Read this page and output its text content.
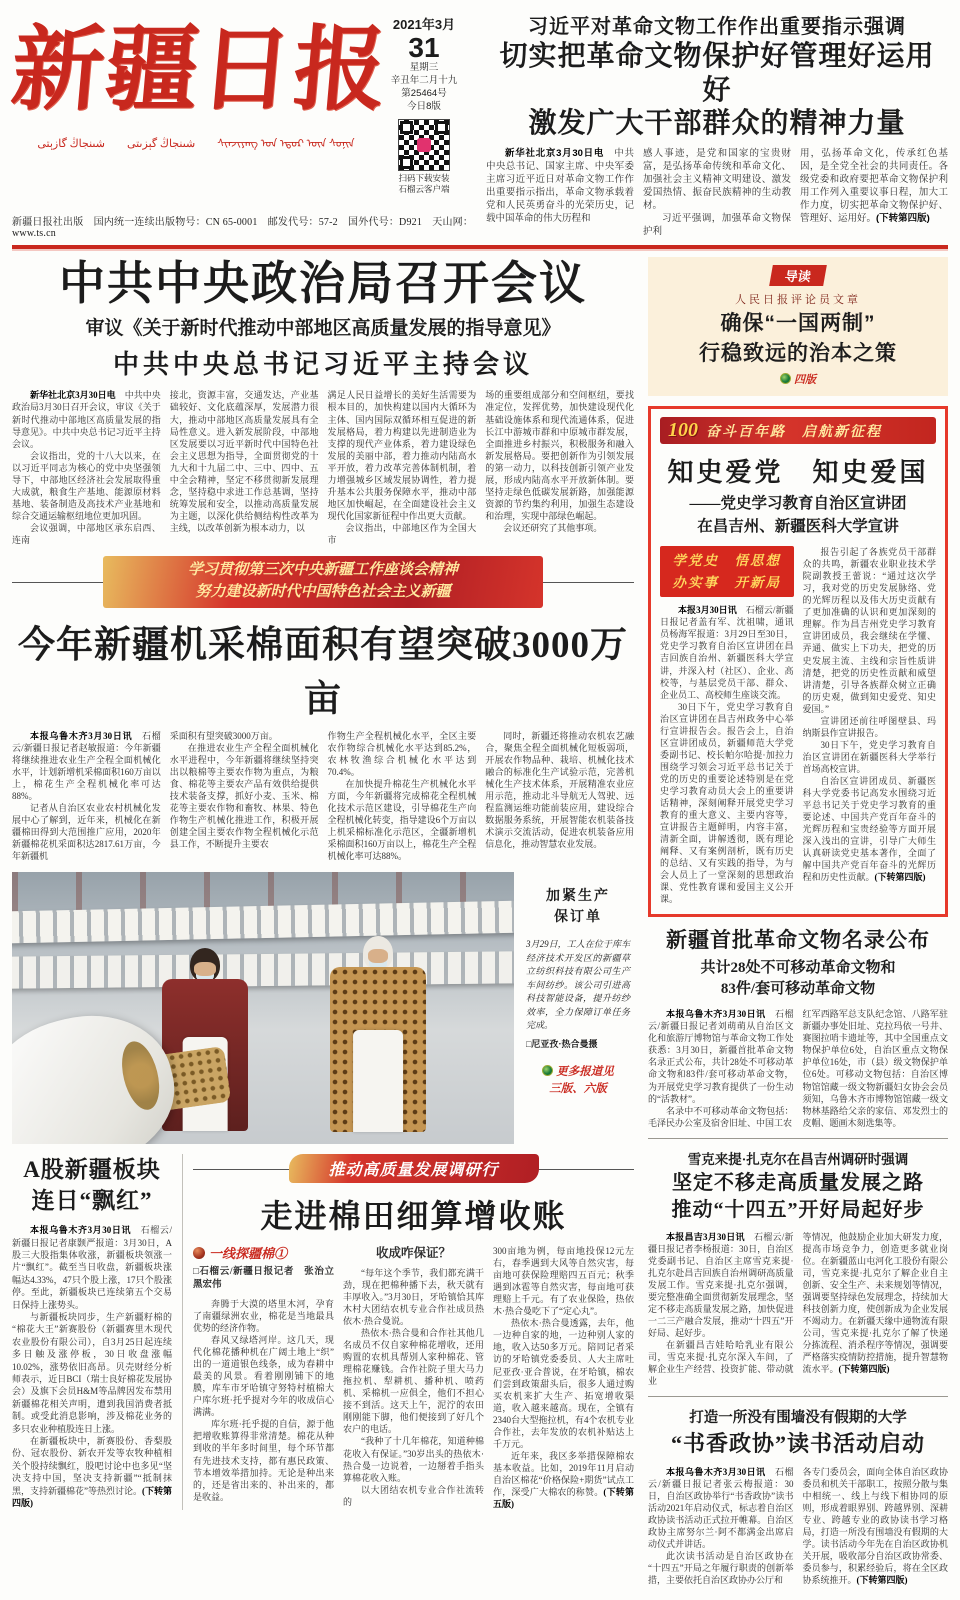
新疆日报
شىنجاڭ گېزىتى　　شىنجاڭ گازېتى　　ᠰᠢᠨᠵᠢᠶᠠᠩ ᠤᠨ ᠡᠳᠦᠷ ᠦᠨ ᠰᠣᠨᠢᠨ
2021年3月
31
星期三
辛丑年二月十九
第25464号
今日8版
扫码下载安装
石榴云客户端
新疆日报社出版　国内统一连续出版物号：CN 65-0001　邮发代号：57-2　国外代号：D921　天山网：www.ts.cn
习近平对革命文物工作作出重要指示强调
切实把革命文物保护好管理好运用好
激发广大干部群众的精神力量

新华社北京3月30日电　中共中央总书记、国家主席、中央军委主席习近平近日对革命文物工作作出重要指示指出，革命文物承载着党和人民英勇奋斗的光荣历史，记载中国革命的伟大历程和

感人事迹，是党和国家的宝贵财富，是弘扬革命传统和革命文化、加强社会主义精神文明建设、激发爱国热情、振奋民族精神的生动教材。

习近平强调，加强革命文物保护利

用，弘扬革命文化，传承红色基因，是全党全社会的共同责任。各级党委和政府要把革命文物保护利用工作列入重要议事日程，加大工作力度，切实把革命文物保护好、管理好、运用好。(下转第四版)

中共中央政治局召开会议
审议《关于新时代推动中部地区高质量发展的指导意见》
中共中央总书记习近平主持会议

新华社北京3月30日电　中共中央政治局3月30日召开会议，审议《关于新时代推动中部地区高质量发展的指导意见》。中共中央总书记习近平主持会议。

会议指出，党的十八大以来，在以习近平同志为核心的党中央坚强领导下，中部地区经济社会发展取得重大成就，粮食生产基地、能源原材料基地、装备制造及高技术产业基地和综合交通运输枢纽地位更加巩固。

会议强调，中部地区承东启西、连南

接北，资源丰富，交通发达，产业基础较好、文化底蕴深厚，发展潜力很大，推动中部地区高质量发展具有全局性意义。进入新发展阶段，中部地区发展要以习近平新时代中国特色社会主义思想为指导，全面贯彻党的十九大和十九届二中、三中、四中、五中全会精神，坚定不移贯彻新发展理念，坚持稳中求进工作总基调，坚持统筹发展和安全，以推动高质量发展为主题，以深化供给侧结构性改革为主线，以改革创新为根本动力，以

满足人民日益增长的美好生活需要为根本目的，加快构建以国内大循环为主体、国内国际双循环相互促进的新发展格局，着力构建以先进制造业为支撑的现代产业体系，着力建设绿色发展的美丽中部，着力推动内陆高水平开放，着力改革完善体制机制，着力增强城乡区域发展协调性，着力提升基本公共服务保障水平，推动中部地区加快崛起，在全面建设社会主义现代化国家新征程中作出更大贡献。

会议指出，中部地区作为全国大市

场的重要组成部分和空间枢纽，要找准定位，发挥优势，加快建设现代化基础设施体系和现代流通体系，促进长江中游城市群和中原城市群发展，全面推进乡村振兴，积极服务和融入新发展格局。要把创新作为引领发展的第一动力，以科技创新引领产业发展，形成内陆高水平开放新体制。要坚持走绿色低碳发展新路，加强能源资源的节约集约利用，加强生态建设和治理，实现中部绿色崛起。

会议还研究了其他事项。

学习贯彻第三次中央新疆工作座谈会精神
努力建设新时代中国特色社会主义新疆
今年新疆机采棉面积有望突破3000万亩

本报乌鲁木齐3月30日讯　石榴云/新疆日报记者赵敏报道：今年新疆将继续推进农业生产全程全面机械化水平，计划新增机采棉面积160万亩以上，棉花生产全程机械化率可达88%。

记者从自治区农业农村机械化发展中心了解到，近年来，机械化在新疆棉田得到大范围推广应用，2020年新疆棉花机采面积达2817.61万亩，今年新疆机

采面积有望突破3000万亩。

在推进农业生产全程全面机械化水平进程中，今年新疆将继续坚持突出以粮棉等主要农作物为重点，为粮食、棉花等主要农产品有效供给提供技术装备支撑，抓好小麦、玉米、棉花等主要农作物和畜牧、林果、特色作物生产机械化推进工作，积极开展创建全国主要农作物全程机械化示范县工作，不断提升主要农

作物生产全程机械化水平，全区主要农作物综合机械化水平达到85.2%，农林牧渔综合机械化水平达到70.4%。

在加快提升棉花生产机械化水平方面，今年新疆将完成棉花全程机械化技术示范区建设，引导棉花生产向全程机械化转变，指导建设6个万亩以上机采棉标准化示范区，全疆新增机采棉面积160万亩以上，棉花生产全程机械化率可达88%。

同时，新疆还将推动农机农艺融合，聚焦全程全面机械化短板弱项，开展农作物品种、栽培、机械化技术融合的标准化生产试验示范，完善机械化生产技术体系，开展精准农业应用示范，推动北斗导航无人驾驶、远程监测运维功能前装应用，建设综合数据服务系统，开展智能农机装备技术演示交流活动，促进农机装备应用信息化，推动智慧农业发展。

加紧生产
保订单
3月29日，工人在位于库车经济技术开发区的新疆草立纺织科技有限公司生产车间纺纱。该公司引进高科技智能设备，提升纺纱效率，全力保障订单任务完成。
□尼亚孜·热合曼摄
更多报道见
三版、六版
A股新疆板块
连日“飘红”

本报乌鲁木齐3月30日讯　石榴云/新疆日报记者康颢严报道：3月30日，A股三大股指集体收涨，新疆板块领涨一片“飘红”。截至当日收盘，新疆板块涨幅达4.33%，47只个股上涨，17只个股涨停。至此，新疆板块已连续第五个交易日保持上涨势头。

与新疆板块同步，生产新疆籽棉的“棉花大王”新赛股份（新疆赛里木现代农业股份有限公司），自3月25日起连续多日触及涨停板，30日收盘涨幅10.02%，涨势依旧高昂。贝壳财经分析师表示，近日BCI（瑞士良好棉花发展协会）及旗下会员H&M等品牌因发布禁用新疆棉花相关声明，遭到我国消费者抵制。或受此消息影响，涉及棉花业务的多只农业种植股连日上涨。

在新疆板块中，新赛股份、香梨股份、冠农股份、新农开发等农牧种植相关个股持续飘红，股吧讨论中也多见“坚决支持中国，坚决支持新疆”“抵制抹黑，支持新疆棉花”等热烈讨论。(下转第四版)

推动高质量发展调研行
走进棉田细算增收账
一线探疆棉①
□石榴云/新疆日报记者　张治立　黑宏伟

奔腾于大漠的塔里木河，孕育了南疆绿洲农业，棉花是当地最具优势的经济作物。

春风又绿塔河岸。这几天，现代化棉花播种机在广阔土地上“织”出的一道道银色线条，成为春耕中最美的风景。看着刚刚铺下的地膜，库车市牙哈镇守努特村植棉大户库尔班·托乎提对今年的收成信心满满。

库尔班·托乎提的自信，源于他把增收账算得非常清楚。棉花从种到收的半年多时间里，每个环节都有先进技术支持，都有惠民政策、节本增效举措加持。无论是种出来的，还是省出来的、补出来的，都是收益。

收成咋保证？

“每年这个季节，我们都充满干劲，现在把棉种播下去，秋天就有丰厚收入。”3月30日，牙哈镇恰其库木村大团结农机专业合作社成员热依木·热合曼说。

热依木·热合曼和合作社其他几名成员不仅自家种棉花增收，还用购置的农机具帮别人家种棉花、管理棉花赚钱。合作社院子里大马力拖拉机、犁耕机、播种机、喷药机、采棉机一应俱全，他们不担心接不到活。这天上午，泥泞的农田刚刚能下脚，他们便接到了好几个农户的电话。

“我种了十几年棉花，知道种棉花收入有保证。”30岁出头的热依木·热合曼一边说着，一边掰着手指头算棉花收入账。

以大团结农机专业合作社流转的

300亩地为例，每亩地投保12元左右，春季遇到大风等自然灾害，每亩地可获保险理赔四五百元；秋季遇到冰雹等自然灾害，每亩地可获理赔上千元。有了农业保险，热依木·热合曼吃下了“定心丸”。

热依木·热合曼透露，去年，他一边种自家的地，一边种别人家的地，收入达50多万元。陪同记者采访的牙哈镇党委委员、人大主席吐尼亚孜·亚合普说，在牙哈镇，棉农们尝到政策甜头后，很多人通过购买农机来扩大生产、拓宽增收渠道，收入越来越高。现在，全镇有2340台大型拖拉机，有4个农机专业合作社，去年发放的农机补贴达上千万元。

近年来，我区多举措保障棉农基本收益。比如，2019年11月启动自治区棉花“价格保险+期货”试点工作，深受广大棉农的称赞。(下转第五版)

导读
人民日报评论员文章
确保“一国两制”
行稳致远的治本之策
四版
100 奋斗百年路　启航新征程
知史爱党　知史爱国
——党史学习教育自治区宣讲团
在昌吉州、新疆医科大学宣讲
学党史　悟思想
办实事　开新局

本报3月30日讯　石榴云/新疆日报记者盖有军、沈祖啸，通讯员杨海军报道：3月29日至30日，党史学习教育自治区宣讲团在昌吉回族自治州、新疆医科大学宣讲，并深入村（社区）、企业、高校等，与基层党员干部、群众、企业员工、高校师生座谈交流。

30日下午，党史学习教育自治区宣讲团在昌吉州政务中心举行宣讲报告会。报告会上，自治区宣讲团成员，新疆师范大学党委副书记、校长帕尔哈提·加拉力围绕学习领会习近平总书记关于党的历史的重要论述特别是在党史学习教育动员大会上的重要讲话精神，深刻阐释开展党史学习教育的重大意义、主要内容等，宣讲报告主题鲜明，内容丰富，清新全面，讲解透彻，既有理论阐释、又有案例剖析，既有历史的总结、又有实践的指导，为与会人员上了一堂深刻的思想政治课、党性教育课和爱国主义公开课。

报告引起了各族党员干部群众的共鸣，新疆农业职业技术学院副教授王蕾说：“通过这次学习，我对党的历史发展脉络、党的光辉历程以及伟大历史贡献有了更加准确的认识和更加深刻的理解。作为昌吉州党史学习教育宣讲团成员，我会继续在学懂、弄通、做实上下功夫，把党的历史发展主流、主线和宗旨性质讲清楚，把党的历史性贡献和威望讲清楚，引导各族群众树立正确的历史观，做到知史爱党、知史爱国。”

宣讲团还前往呼图壁县、玛纳斯县作宣讲报告。

30日下午，党史学习教育自治区宣讲团在新疆医科大学举行首场高校宣讲。

自治区宣讲团成员、新疆医科大学党委书记高发水围绕习近平总书记关于党史学习教育的重要论述、中国共产党百年奋斗的光辉历程和宝贵经验等方面开展深入浅出的宣讲，引导广大师生认真研读党史基本著作，全面了解中国共产党百年奋斗的光辉历程和历史性贡献。(下转第四版)

新疆首批革命文物名录公布
共计28处不可移动革命文物和
83件/套可移动革命文物

本报乌鲁木齐3月30日讯　石榴云/新疆日报记者刘萌萌从自治区文化和旅游厅博物馆与革命文物工作处获悉：3月30日，新疆首批革命文物名录正式公布，共计28处不可移动革命文物和83件/套可移动革命文物，为开展党史学习教育提供了一份生动的“活教材”。

名录中不可移动革命文物包括：毛泽民办公室及宿舍旧址、中国工农

红军西路军总支队纪念馆、八路军驻新疆办事处旧址、克拉玛依一号井、赛图拉哨卡遗址等，其中全国重点文物保护单位6处，自治区重点文物保护单位16处，市（县）级文物保护单位6处。可移动文物包括：自治区博物馆馆藏一级文物新疆妇女协会会员须知，乌鲁木齐市博物馆馆藏一级文物林基路给父亲的家信、邓发烈士的皮帽、题画木刻选集等。

雪克来提·扎克尔在昌吉州调研时强调
坚定不移走高质量发展之路
推动“十四五”开好局起好步

本报昌吉3月30日讯　石榴云/新疆日报记者李杨报道：30日，自治区党委副书记、自治区主席雪克来提·扎克尔赴昌吉回族自治州调研高质量发展工作。雪克来提·扎克尔强调，要完整准确全面贯彻新发展理念，坚定不移走高质量发展之路，加快促进一二三产融合发展，推动“十四五”开好局、起好步。

在新疆昌吉娃哈哈乳业有限公司，雪克来提·扎克尔深入车间，了解企业生产经营、投资扩能、带动就业

等情况，他鼓励企业加大研发力度，提高市场竞争力，创造更多就业岗位。在新疆蓝山屯河化工股份有限公司，雪克来提·扎克尔了解企业自主创新、安全生产、未来规划等情况，强调要坚持绿色发展理念，持续加大科技创新力度，使创新成为企业发展不竭动力。在新疆天缘中通物流有限公司，雪克来提·扎克尔了解了快递分拣流程、消杀程序等情况，强调要严格落实疫情防控措施，提升智慧物流水平。(下转第四版)

打造一所没有围墙没有假期的大学
“书香政协”读书活动启动

本报乌鲁木齐3月30日讯　石榴云/新疆日报记者张云梅报道：30日，自治区政协举行“书香政协”读书活动2021年启动仪式，标志着自治区政协读书活动正式拉开帷幕。自治区政协主席努尔兰·阿不都满金出席启动仪式并讲话。

此次读书活动是自治区政协在“十四五”开局之年履行职责的创新举措，主要依托自治区政协办公厅和

各专门委员会，面向全体自治区政协委员和机关干部职工，按照分散与集中相统一、线上与线下相协同的原则，形成着眼界别、跨越界别、深耕专业、跨越专业的政协读书学习格局，打造一所没有围墙没有假期的大学。读书活动今年先在自治区政协机关开展，吸收部分自治区政协常委、委员参与，积累经验后，将在全区政协系统推开。(下转第四版)
